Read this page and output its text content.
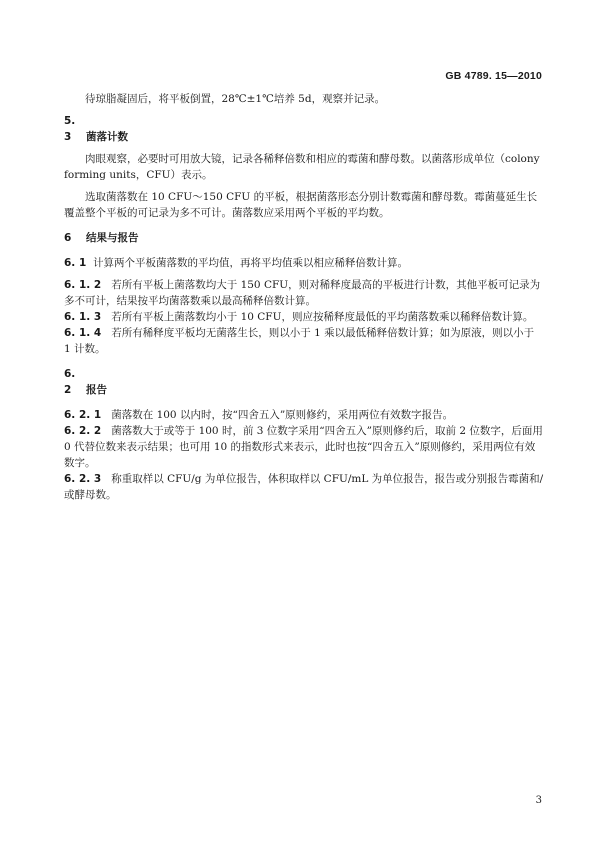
GB 4789. 15—2010

待琼脂凝固后，将平板倒置，28℃±1℃培养 5d，观察并记录。

5. 3 菌落计数

肉眼观察，必要时可用放大镜，记录各稀释倍数和相应的霉菌和酵母数。以菌落形成单位（colony forming units，CFU）表示。

选取菌落数在 10 CFU～150 CFU 的平板，根据菌落形态分别计数霉菌和酵母数。霉菌蔓延生长覆盖整个平板的可记录为多不可计。菌落数应采用两个平板的平均数。

6 结果与报告

6. 1 计算两个平板菌落数的平均值，再将平均值乘以相应稀释倍数计算。

6. 1. 2 若所有平板上菌落数均大于 150 CFU，则对稀释度最高的平板进行计数，其他平板可记录为多不可计，结果按平均菌落数乘以最高稀释倍数计算。

6. 1. 3 若所有平板上菌落数均小于 10 CFU，则应按稀释度最低的平均菌落数乘以稀释倍数计算。

6. 1. 4 若所有稀释度平板均无菌落生长，则以小于 1 乘以最低稀释倍数计算；如为原液，则以小于 1 计数。

6. 2 报告

6. 2. 1 菌落数在 100 以内时，按“四舍五入”原则修约，采用两位有效数字报告。

6. 2. 2 菌落数大于或等于 100 时，前 3 位数字采用“四舍五入”原则修约后，取前 2 位数字，后面用 0 代替位数来表示结果；也可用 10 的指数形式来表示，此时也按“四舍五入”原则修约，采用两位有效数字。

6. 2. 3 称重取样以 CFU/g 为单位报告，体积取样以 CFU/mL 为单位报告，报告或分别报告霉菌和/或酵母数。

3
